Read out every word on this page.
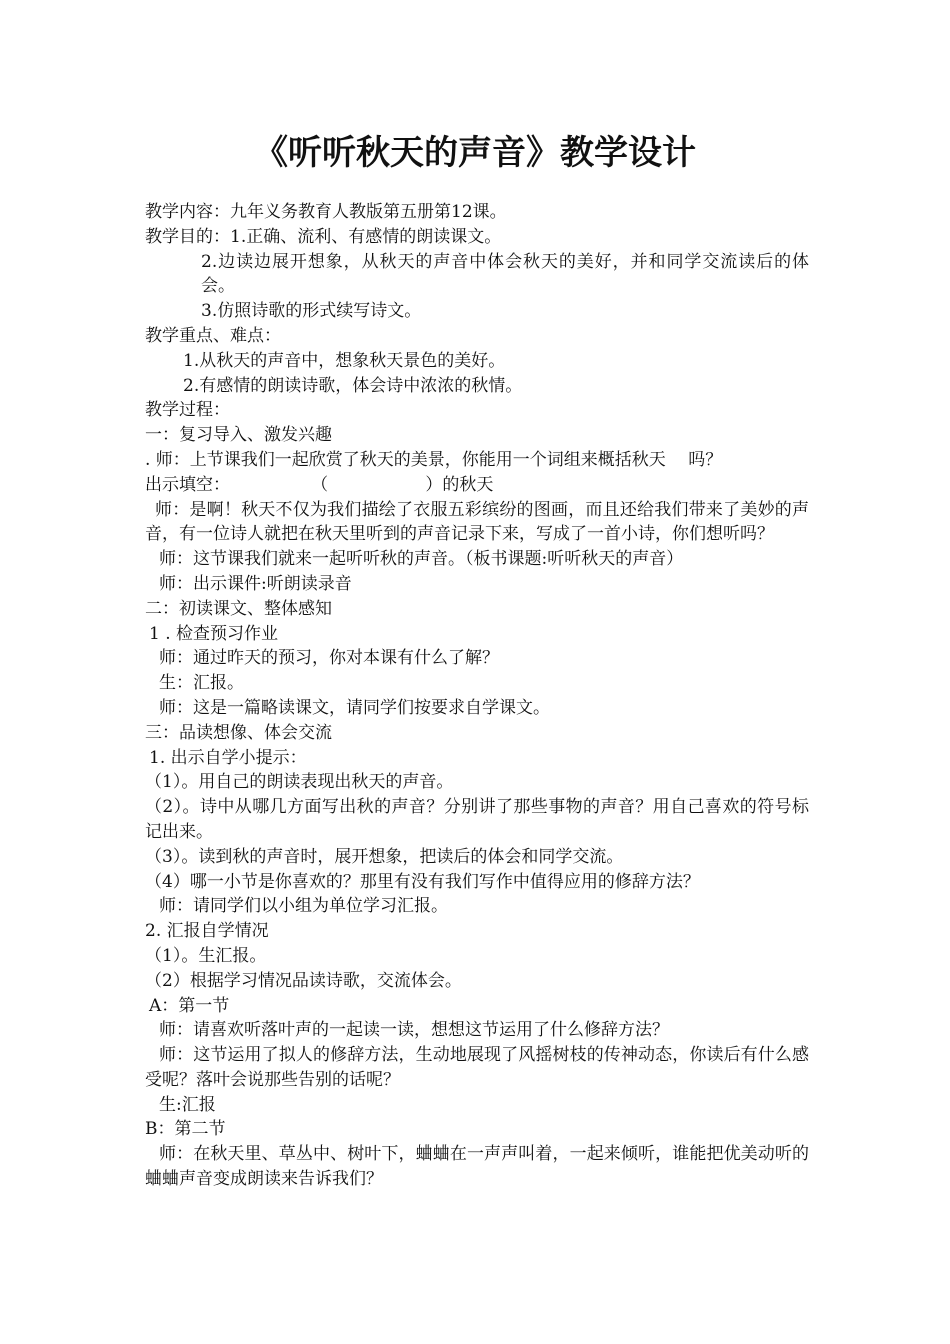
《听听秋天的声音》教学设计

教学内容：九年义务教育人教版第五册第12课。

教学目的：1.正确、流利、有感情的朗读课文。

2.边读边展开想象，从秋天的声音中体会秋天的美好，并和同学交流读后的体会。

3.仿照诗歌的形式续写诗文。

教学重点、难点：

1.从秋天的声音中，想象秋天景色的美好。

2.有感情的朗读诗歌，体会诗中浓浓的秋情。

教学过程：

一：复习导入、激发兴趣

. 师：上节课我们一起欣赏了秋天的美景，你能用一个词组来概括秋天　 吗？

出示填空：	（	）的秋天

师：是啊！秋天不仅为我们描绘了衣服五彩缤纷的图画，而且还给我们带来了美妙的声音，有一位诗人就把在秋天里听到的声音记录下来，写成了一首小诗，你们想听吗？

师：这节课我们就来一起听听秋的声音。（板书课题:听听秋天的声音）

师：出示课件:听朗读录音

二：初读课文、整体感知

1 . 检查预习作业

师：通过昨天的预习，你对本课有什么了解？

生：汇报。

师：这是一篇略读课文，请同学们按要求自学课文。

三：品读想像、体会交流

1. 出示自学小提示：

（1）。用自己的朗读表现出秋天的声音。

（2）。诗中从哪几方面写出秋的声音？分别讲了那些事物的声音？用自己喜欢的符号标记出来。

（3）。读到秋的声音时，展开想象，把读后的体会和同学交流。

（4）哪一小节是你喜欢的？那里有没有我们写作中值得应用的修辞方法？

师：请同学们以小组为单位学习汇报。

2. 汇报自学情况

（1）。生汇报。

（2）根据学习情况品读诗歌，交流体会。

A：第一节

师：请喜欢听落叶声的一起读一读，想想这节运用了什么修辞方法？

师：这节运用了拟人的修辞方法，生动地展现了风摇树枝的传神动态，你读后有什么感受呢？落叶会说那些告别的话呢？

生:汇报

B：第二节

师：在秋天里、草丛中、树叶下，蛐蛐在一声声叫着，一起来倾听，谁能把优美动听的蛐蛐声音变成朗读来告诉我们？
